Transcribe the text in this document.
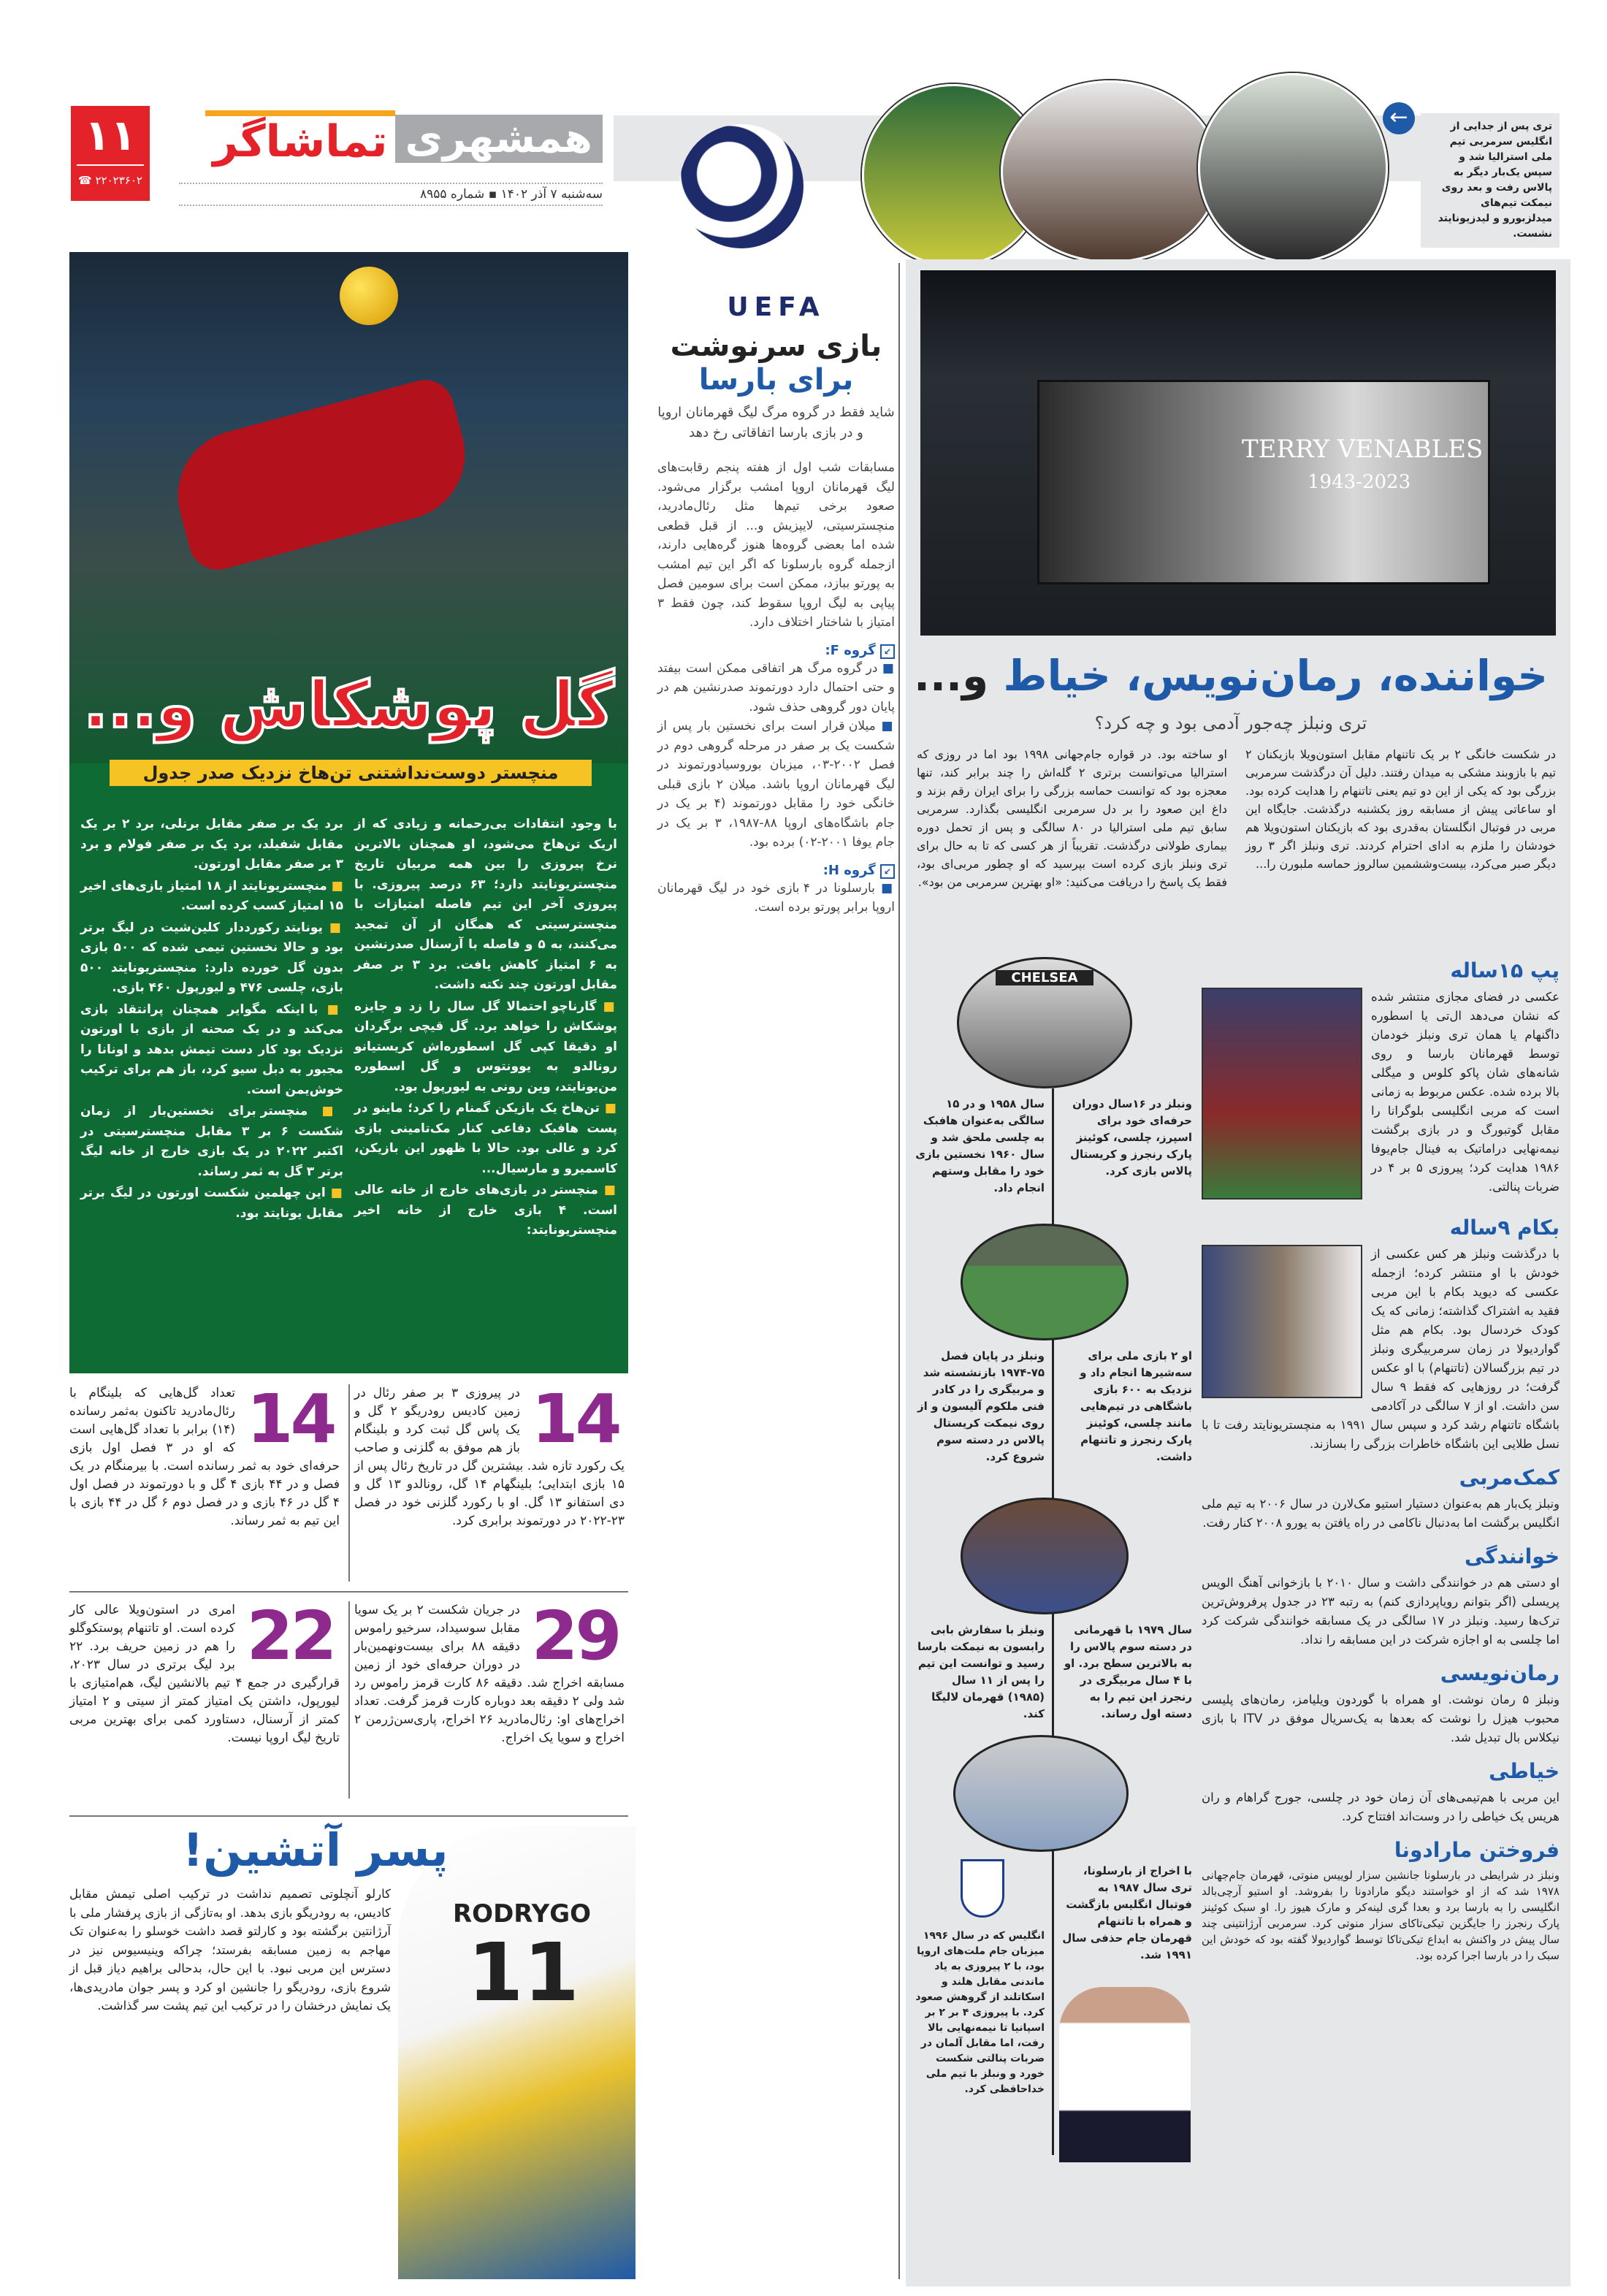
۱۱
☎ ۲۲۰۲۳۶۰۲
همشهری
تماشاگر
سه‌شنبه ۷ آذر ۱۴۰۲ ▪ شماره ۸۹۵۵
←	تری پس از جدایی از انگلیس سرمربی تیم ملی استرالیا شد و سپس یک‌بار دیگر به پالاس رفت و بعد روی نیمکت تیم‌های میدلزبورو و لیدزیونایتد نشست.
گل پوشکاش و...
منچستر دوست‌نداشتنی تن‌هاخ نزدیک صدر جدول

با وجود انتقادات بی‌رحمانه و زیادی که از اریک تن‌هاخ می‌شود، او همچنان بالاترین نرخ پیروزی را بین همه مربیان تاریخ منچستریونایتد دارد؛ ۶۳ درصد پیروزی. با پیروزی آخر این تیم فاصله امتیازات با منچسترسیتی که همگان از آن تمجید می‌کنند، به ۵ و فاصله با آرسنال صدرنشین به ۶ امتیاز کاهش یافت. برد ۳ بر صفر مقابل اورتون چند نکته داشت.

■ گارناچو احتمالا گل سال را زد و جایزه پوشکاش را خواهد برد. گل قیچی برگردان او دقیقا کپی گل اسطوره‌اش کریستیانو رونالدو به یوونتوس و گل اسطوره من‌یونایتد، وین رونی به لیورپول بود.

■ تن‌هاخ یک بازیکن گمنام را کرد؛ ماینو در پست هافبک دفاعی کنار مک‌تامینی بازی کرد و عالی بود. حالا با ظهور این بازیکن، کاسمیرو و مارسیال...

■ منچستر در بازی‌های خارج از خانه عالی است. ۴ بازی خارج از خانه اخیر منچستریونایتد:

برد یک بر صفر مقابل برنلی، برد ۲ بر یک مقابل شفیلد، برد یک بر صفر فولام و برد ۳ بر صفر مقابل اورتون.

■ منچستریونایتد از ۱۸ امتیاز بازی‌های اخیر ۱۵ امتیاز کسب کرده است.

■ یونایتد رکورددار کلین‌شیت در لیگ برتر بود و حالا نخستین تیمی شده که ۵۰۰ بازی بدون گل خورده دارد: منچستریونایتد ۵۰۰ بازی، چلسی ۴۷۶ و لیورپول ۴۶۰ بازی.

■ با اینکه مگوایر همچنان پرانتقاد بازی می‌کند و در یک صحنه از بازی با اورتون نزدیک بود کار دست تیمش بدهد و اونانا را مجبور به دبل سیو کرد، باز هم برای ترکیب خوش‌یمن است.

■ منچستر برای نخستین‌بار از زمان شکست ۶ بر ۳ مقابل منچسترسیتی در اکتبر ۲۰۲۲ در یک بازی خارج از خانه لیگ برتر ۳ گل به ثمر رساند.

■ این چهلمین شکست اورتون در لیگ برتر مقابل یونایتد بود.

14
در پیروزی ۳ بر صفر رئال در زمین کادیس رودریگو ۲ گل و یک پاس گل ثبت کرد و بلینگام باز هم موفق به گلزنی و صاحب یک رکورد تازه شد. بیشترین گل در تاریخ رئال پس از ۱۵ بازی ابتدایی؛ بلینگهام ۱۴ گل، رونالدو ۱۳ گل و دی استفانو ۱۳ گل. او با رکورد گلزنی خود در فصل ۲۳-۲۰۲۲ در دورتموند برابری کرد.
14
تعداد گل‌هایی که بلینگام با رئال‌مادرید تاکنون به‌ثمر رسانده (۱۴) برابر با تعداد گل‌هایی است که او در ۳ فصل اول بازی حرفه‌ای خود به ثمر رسانده است. با بیرمنگام در یک فصل و در ۴۴ بازی ۴ گل و با دورتموند در فصل اول ۴ گل در ۴۶ بازی و در فصل دوم ۶ گل در ۴۴ بازی با این تیم به ثمر رساند.
29
در جریان شکست ۲ بر یک سویا مقابل سوسیداد، سرخیو راموس دقیقه ۸۸ برای بیست‌ونهمین‌بار در دوران حرفه‌ای خود از زمین مسابقه اخراج شد. دقیقه ۸۶ کارت قرمز راموس رد شد ولی ۲ دقیقه بعد دوباره کارت قرمز گرفت. تعداد اخراج‌های او: رئال‌مادرید ۲۶ اخراج، پاری‌سن‌ژرمن ۲ اخراج و سویا یک اخراج.
22
امری در استون‌ویلا عالی کار کرده است. او تاتنهام پوستکوگلو را هم در زمین حریف برد. ۲۲ برد لیگ برتری در سال ۲۰۲۳، قرارگیری در جمع ۴ تیم بالانشین لیگ، هم‌امتیازی با لیورپول، داشتن یک امتیاز کمتر از سیتی و ۲ امتیاز کمتر از آرسنال، دستاورد کمی برای بهترین مربی تاریخ لیگ اروپا نیست.
RODRYGO
11
پسر آتشین!
کارلو آنچلوتی تصمیم نداشت در ترکیب اصلی تیمش مقابل کادیس، به رودریگو بازی بدهد. او به‌تازگی از بازی پرفشار ملی با آرژانتین برگشته بود و کارلتو قصد داشت خوسلو را به‌عنوان تک مهاجم به زمین مسابقه بفرستد؛ چراکه وینیسیوس نیز در دسترس این مربی نبود. با این حال، بدحالی براهیم دیاز قبل از شروع بازی، رودریگو را جانشین او کرد و پسر جوان مادریدی‌ها، یک نمایش درخشان را در ترکیب این تیم پشت سر گذاشت.
UEFA
بازی سرنوشت
برای بارسا
شاید فقط در گروه مرگ لیگ قهرمانان اروپا و در بازی بارسا اتفاقاتی رخ دهد

مسابقات شب اول از هفته پنجم رقابت‌های لیگ قهرمانان اروپا امشب برگزار می‌شود. صعود برخی تیم‌ها مثل رئال‌مادرید، منچسترسیتی، لایپزیش و... از قبل قطعی شده اما بعضی گروه‌ها هنوز گره‌هایی دارند، ازجمله گروه بارسلونا که اگر این تیم امشب به پورتو ببازد، ممکن است برای سومین فصل پیاپی به لیگ اروپا سقوط کند، چون فقط ۳ امتیاز با شاختار اختلاف دارد.

↙ گروه F:

■ در گروه مرگ هر اتفاقی ممکن است بیفتد و حتی احتمال دارد دورتموند صدرنشین هم در پایان دور گروهی حذف شود.

■ میلان قرار است برای نخستین بار پس از شکست یک بر صفر در مرحله گروهی دوم در فصل ۲۰۰۲-۰۳، میزبان بوروسیادورتموند در لیگ قهرمانان اروپا باشد. میلان ۲ بازی قبلی خانگی خود را مقابل دورتموند (۴ بر یک در جام باشگاه‌های اروپا ۸۸-۱۹۸۷، ۳ بر یک در جام یوفا ۲۰۰۱-۰۲) برده بود.

↙ گروه H:

■ بارسلونا در ۴ بازی خود در لیگ قهرمانان اروپا برابر پورتو برده است.

TERRY VENABLES
1943-2023
خواننده، رمان‌نویس، خیاط و...
تری ونبلز چه‌جور آدمی بود و چه کرد؟
در شکست خانگی ۲ بر یک تاتنهام مقابل استون‌ویلا بازیکنان ۲ تیم با بازوبند مشکی به میدان رفتند. دلیل آن درگذشت سرمربی بزرگی بود که یکی از این دو تیم یعنی تاتنهام را هدایت کرده بود. او ساعاتی پیش از مسابقه روز یکشنبه درگذشت. جایگاه این مربی در فوتبال انگلستان به‌قدری بود که بازیکنان استون‌ویلا هم خودشان را ملزم به ادای احترام کردند. تری ونبلز اگر ۳ روز دیگر صبر می‌کرد، بیست‌وششمین سالروز حماسه ملبورن را...
او ساخته بود. در قواره جام‌جهانی ۱۹۹۸ بود اما در روزی که استرالیا می‌توانست برتری ۲ گله‌اش را چند برابر کند، تنها معجزه بود که توانست حماسه بزرگی را برای ایران رقم بزند و داغ این صعود را بر دل سرمربی انگلیسی بگذارد. سرمربی سابق تیم ملی استرالیا در ۸۰ سالگی و پس از تحمل دوره بیماری طولانی درگذشت. تقریباً از هر کسی که تا به حال برای تری ونبلز بازی کرده است بپرسید که او چطور مربی‌ای بود، فقط یک پاسخ را دریافت می‌کنید: «او بهترین سرمربی من بود».
CHELSEA
سال ۱۹۵۸ و در ۱۵ سالگی به‌عنوان هافبک به چلسی ملحق شد و سال ۱۹۶۰ نخستین بازی خود را مقابل وستهم انجام داد.
ونبلز در ۱۶سال دوران حرفه‌ای خود برای اسپرز، چلسی، کوئینز پارک رنجرز و کریستال پالاس بازی کرد.
ونبلز در پایان فصل ۷۵-۱۹۷۴ بازنشسته شد و مربیگری را در کادر فنی ملکوم آلیسون و از روی نیمکت کریستال پالاس در دسته سوم شروع کرد.
او ۲ بازی ملی برای سه‌شیرها انجام داد و نزدیک به ۶۰۰ بازی باشگاهی در تیم‌هایی مانند چلسی، کوئینز پارک رنجرز و تاتنهام داشت.
ونبلز با سفارش بابی رابسون به نیمکت بارسا رسید و توانست این تیم را پس از ۱۱ سال (۱۹۸۵) قهرمان لالیگا کند.
سال ۱۹۷۹ با قهرمانی در دسته سوم پالاس را به بالاترین سطح برد. او با ۴ سال مربیگری در رنجرز این تیم را به دسته اول رساند.
انگلیس که در سال ۱۹۹۶ میزبان جام ملت‌های اروپا بود، با ۲ پیروزی به یاد ماندنی مقابل هلند و اسکاتلند از گروهش صعود کرد. با پیروزی ۴ بر ۲ بر اسپانیا تا نیمه‌نهایی بالا رفت، اما مقابل آلمان در ضربات پنالتی شکست خورد و ونبلز با تیم ملی خداحافظی کرد.
با اخراج از بارسلونا، تری سال ۱۹۸۷ به فوتبال انگلیس بازگشت و همراه با تاتنهام قهرمان جام حذفی سال ۱۹۹۱ شد.
پپ ۱۵ساله

عکسی در فضای مجازی منتشر شده که نشان می‌دهد ال‌تی یا اسطوره داگنهام یا همان تری ونبلز خودمان توسط قهرمانان بارسا و روی شانه‌های شان پاکو کلوس و میگلی بالا برده شده. عکس مربوط به زمانی است که مربی انگلیسی بلوگرانا را مقابل گوتبورگ و در بازی برگشت نیمه‌نهایی دراماتیک به فینال جام‌یوفا ۱۹۸۶ هدایت کرد؛ پیروزی ۵ بر ۴ در ضربات پنالتی.

بکام ۹ساله

با درگذشت ونبلز هر کس عکسی از خودش با او منتشر کرده؛ ازجمله عکسی که دیوید بکام با این مربی فقید به اشتراک گذاشته؛ زمانی که یک کودک خردسال بود. بکام هم مثل گواردیولا در زمان سرمربیگری ونبلز در تیم بزرگسالان (تاتنهام) با او عکس گرفت؛ در روزهایی که فقط ۹ سال سن داشت. او از ۷ سالگی در آکادمی باشگاه تاتنهام رشد کرد و سپس سال ۱۹۹۱ به منچستریونایتد رفت تا با نسل طلایی این باشگاه خاطرات بزرگی را بسازند.

کمک‌مربی

ونبلز یک‌بار هم به‌عنوان دستیار استیو مک‌لارن در سال ۲۰۰۶ به تیم ملی انگلیس برگشت اما به‌دنبال ناکامی در راه یافتن به یورو ۲۰۰۸ کنار رفت.

خوانندگی

او دستی هم در خوانندگی داشت و سال ۲۰۱۰ با بازخوانی آهنگ الویس پریسلی (اگر بتوانم رویاپردازی کنم) به رتبه ۲۳ در جدول پرفروش‌ترین ترک‌ها رسید. ونبلز در ۱۷ سالگی در یک مسابقه خوانندگی شرکت کرد اما چلسی به او اجازه شرکت در این مسابقه را نداد.

رمان‌نویسی

ونبلز ۵ رمان نوشت. او همراه با گوردون ویلیامز، رمان‌های پلیسی محبوب هیزل را نوشت که بعدها به یک‌سریال موفق در ITV با بازی نیکلاس بال تبدیل شد.

خیاطی

این مربی با هم‌تیمی‌های آن زمان خود در چلسی، جورج گراهام و ران هریس یک خیاطی را در وست‌اند افتتاح کرد.

فروختن مارادونا

ونبلز در شرایطی در بارسلونا جانشین سزار لوییس منوتی، قهرمان جام‌جهانی ۱۹۷۸ شد که از او خواستند دیگو مارادونا را بفروشد. او استیو آرچی‌بالد انگلیسی را به بارسا برد و بعدا گری لینه‌کر و مارک هیوز را. او سبک کوئینز پارک رنجرز را جایگزین تیکی‌تاکای سزار منوتی کرد. سرمربی آرژانتینی چند سال پیش در واکنش به ابداع تیکی‌تاکا توسط گواردیولا گفته بود که خودش این سبک را در بارسا اجرا کرده بود.
